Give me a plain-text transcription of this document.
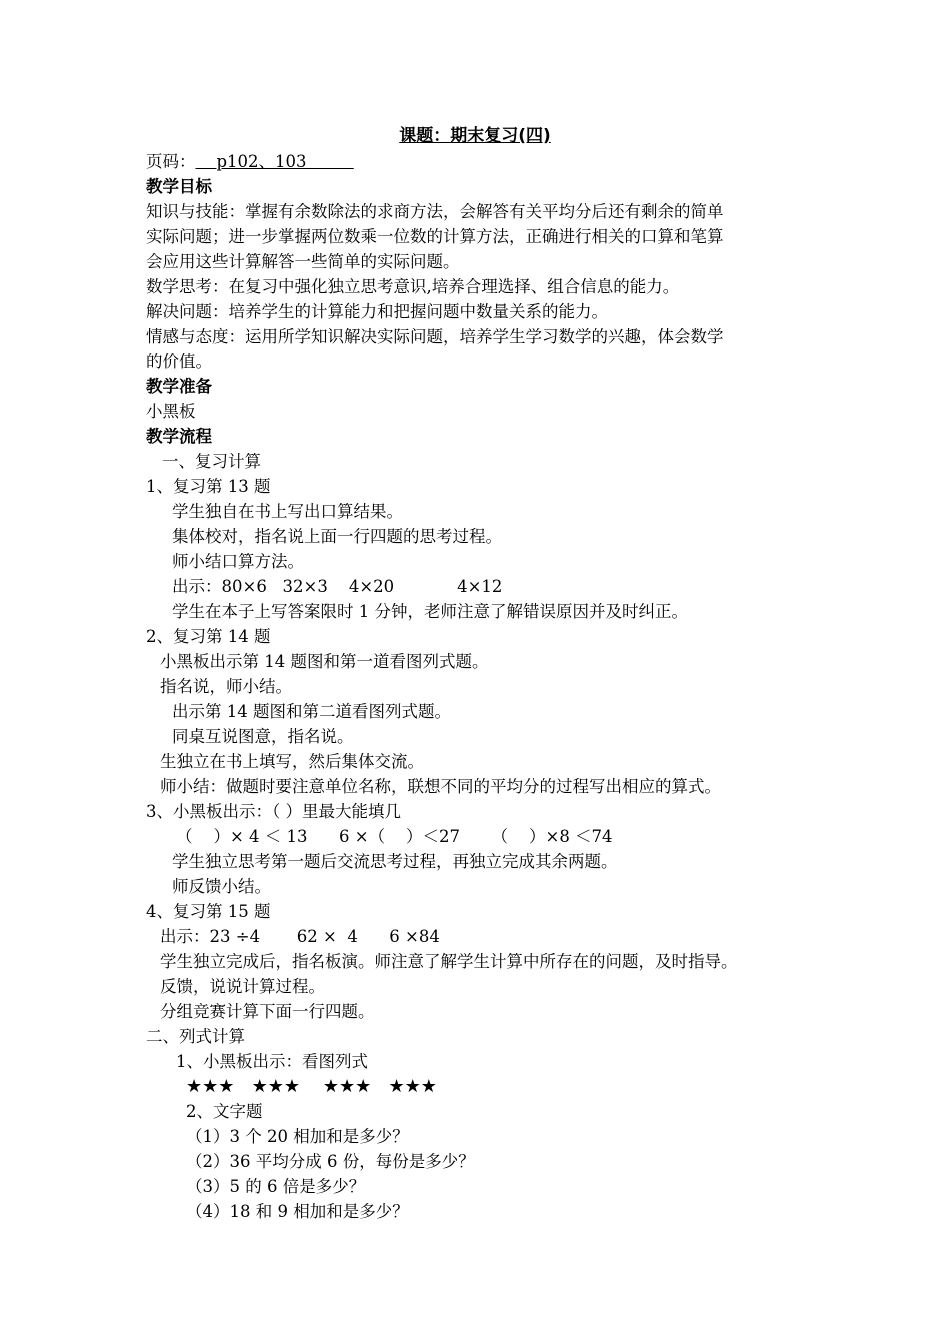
课题：期末复习(四)
页码：    p102、103
教学目标
知识与技能：掌握有余数除法的求商方法，会解答有关平均分后还有剩余的简单
实际问题；进一步掌握两位数乘一位数的计算方法，正确进行相关的口算和笔算
会应用这些计算解答一些简单的实际问题。
数学思考：在复习中强化独立思考意识,培养合理选择、组合信息的能力。
解决问题：培养学生的计算能力和把握问题中数量关系的能力。
情感与态度：运用所学知识解决实际问题，培养学生学习数学的兴趣，体会数学
的价值。
教学准备
小黑板
教学流程
一、复习计算
1、复习第 13 题
学生独自在书上写出口算结果。
集体校对，指名说上面一行四题的思考过程。
师小结口算方法。
出示：80×6   32×3    4×20            4×12
学生在本子上写答案限时 1 分钟，老师注意了解错误原因并及时纠正。
2、复习第 14 题
小黑板出示第 14 题图和第一道看图列式题。
指名说，师小结。
出示第 14 题图和第二道看图列式题。
同桌互说图意，指名说。
生独立在书上填写，然后集体交流。
师小结：做题时要注意单位名称，联想不同的平均分的过程写出相应的算式。
3、小黑板出示：（ ）里最大能填几
（    ）× 4 ＜ 13      6 ×（    ）＜27      （    ）×8 ＜74
学生独立思考第一题后交流思考过程，再独立完成其余两题。
师反馈小结。
4、复习第 15 题
出示：23 ÷4       62 ×  4      6 ×84
学生独立完成后，指名板演。师注意了解学生计算中所存在的问题，及时指导。
反馈，说说计算过程。
分组竞赛计算下面一行四题。
二、列式计算
1、小黑板出示：看图列式
★★★   ★★★    ★★★   ★★★
2、文字题
（1）3 个 20 相加和是多少？
（2）36 平均分成 6 份，每份是多少？
（3）5 的 6 倍是多少？
（4）18 和 9 相加和是多少？
